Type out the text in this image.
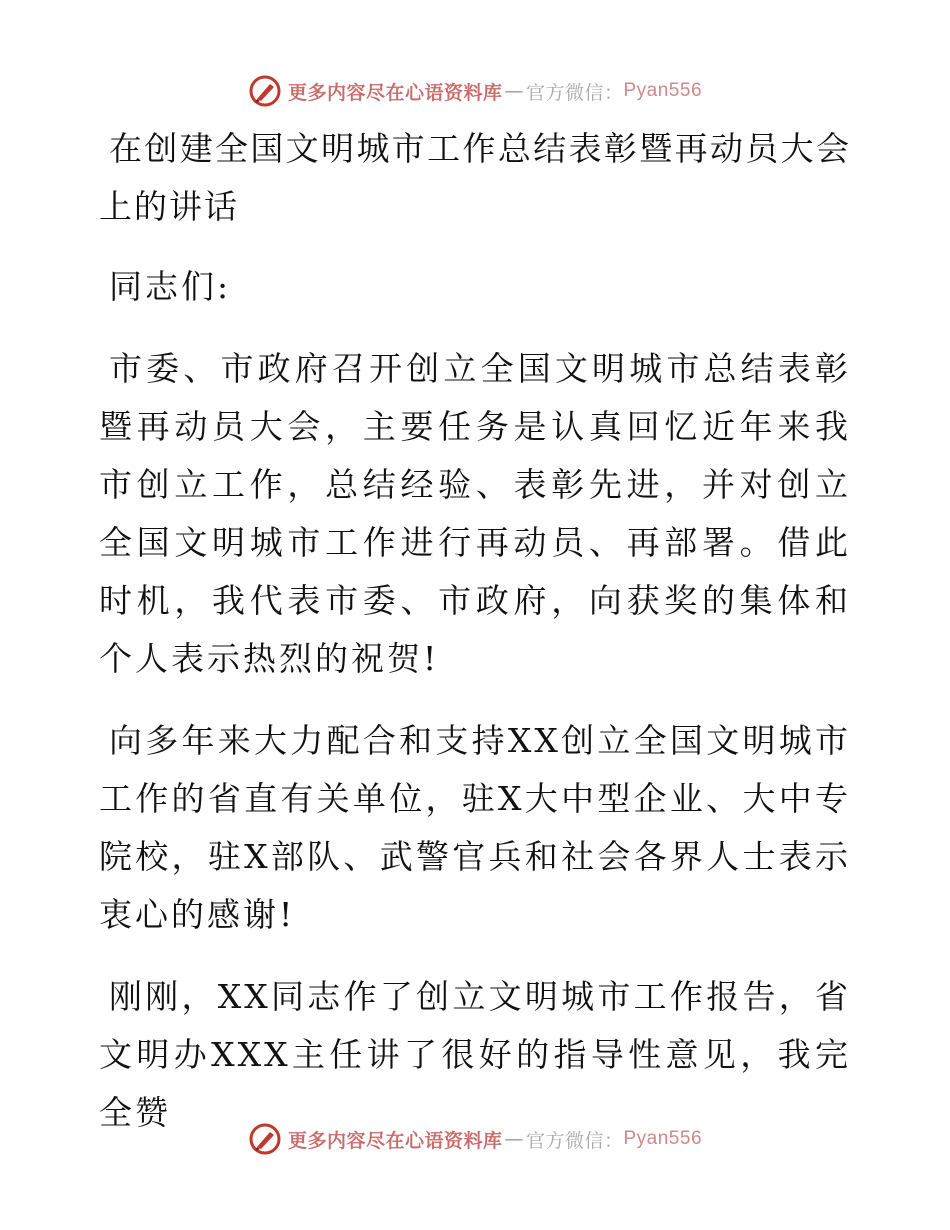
更多内容尽在心语资料库 — 官方微信： Pyan556

在创建全国文明城市工作总结表彰暨再动员大会上的讲话

同志们:

市委、市政府召开创立全国文明城市总结表彰暨再动员大会，主要任务是认真回忆近年来我市创立工作，总结经验、表彰先进，并对创立全国文明城市工作进行再动员、再部署。借此时机，我代表市委、市政府，向获奖的集体和个人表示热烈的祝贺!

向多年来大力配合和支持XX创立全国文明城市工作的省直有关单位，驻X大中型企业、大中专院校，驻X部队、武警官兵和社会各界人士表示衷心的感谢!

刚刚，XX同志作了创立文明城市工作报告，省文明办XXX主任讲了很好的指导性意见，我完全赞

更多内容尽在心语资料库 — 官方微信： Pyan556
